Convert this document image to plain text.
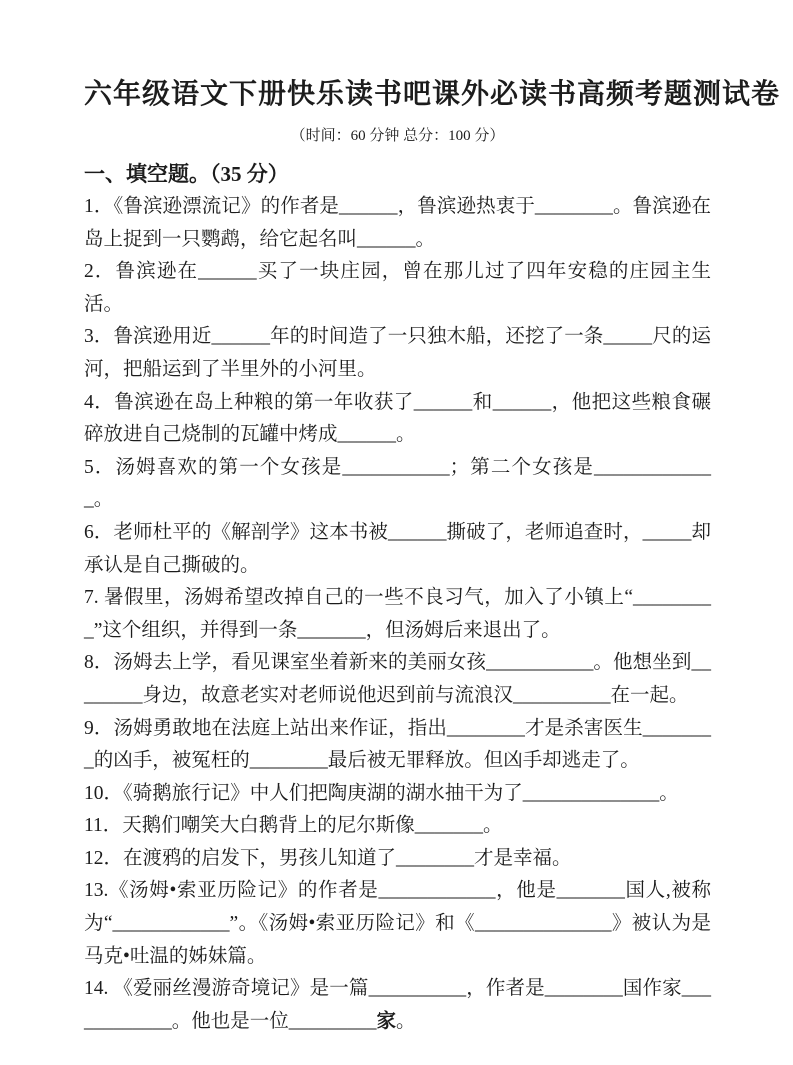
六年级语文下册快乐读书吧课外必读书高频考题测试卷

（时间：60 分钟 总分：100 分）

一、填空题。（35 分）

1．《鲁滨逊漂流记》的作者是______，鲁滨逊热衷于________。鲁滨逊在岛上捉到一只鹦鹉，给它起名叫______。

2．鲁滨逊在______买了一块庄园，曾在那儿过了四年安稳的庄园主生活。

3．鲁滨逊用近______年的时间造了一只独木船，还挖了一条_____尺的运河，把船运到了半里外的小河里。

4．鲁滨逊在岛上种粮的第一年收获了______和______，他把这些粮食碾碎放进自己烧制的瓦罐中烤成______。

5．汤姆喜欢的第一个女孩是___________；第二个女孩是_____________。

6．老师杜平的《解剖学》这本书被______撕破了，老师追查时，_____却承认是自己撕破的。

7. 暑假里，汤姆希望改掉自己的一些不良习气，加入了小镇上“_________”这个组织，并得到一条_______，但汤姆后来退出了。

8．汤姆去上学，看见课室坐着新来的美丽女孩___________。他想坐到________身边，故意老实对老师说他迟到前与流浪汉__________在一起。

9．汤姆勇敢地在法庭上站出来作证，指出________才是杀害医生________的凶手，被冤枉的________最后被无罪释放。但凶手却逃走了。

10．《骑鹅旅行记》中人们把陶庚湖的湖水抽干为了______________。

11．天鹅们嘲笑大白鹅背上的尼尔斯像_______。

12．在渡鸦的启发下，男孩儿知道了________才是幸福。

13.《汤姆•索亚历险记》的作者是____________，他是_______国人,被称为“____________”。《汤姆•索亚历险记》和《______________》被认为是马克•吐温的姊妹篇。

14. 《爱丽丝漫游奇境记》是一篇__________，作者是________国作家____________。他也是一位_________家。
